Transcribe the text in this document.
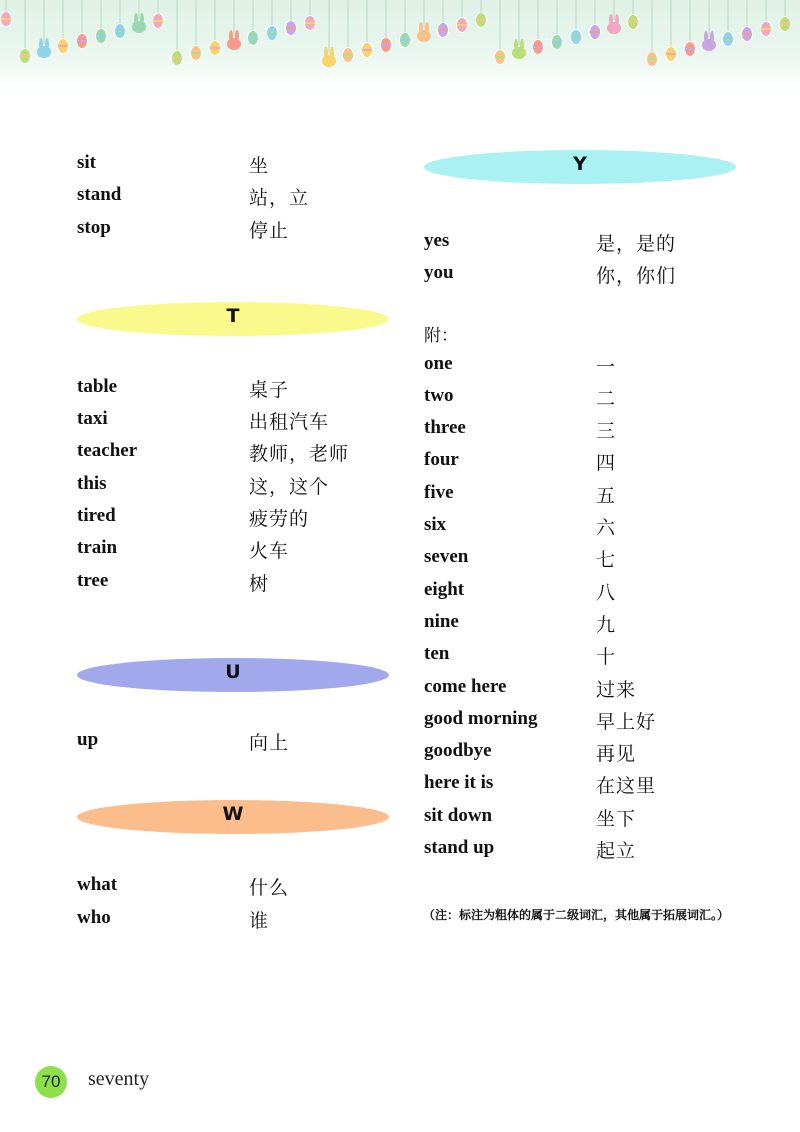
sit	坐
stand	站，立
stop	停止
T
table	桌子
taxi	出租汽车
teacher	教师，老师
this	这，这个
tired	疲劳的
train	火车
tree	树
U
up	向上
W
what	什么
who	谁
Y
yes	是，是的
you	你，你们
附：
one	一
two	二
three	三
four	四
five	五
six	六
seven	七
eight	八
nine	九
ten	十
come here	过来
good morning	早上好
goodbye	再见
here it is	在这里
sit down	坐下
stand up	起立
（注：标注为粗体的属于二级词汇，其他属于拓展词汇。）
70	seventy
